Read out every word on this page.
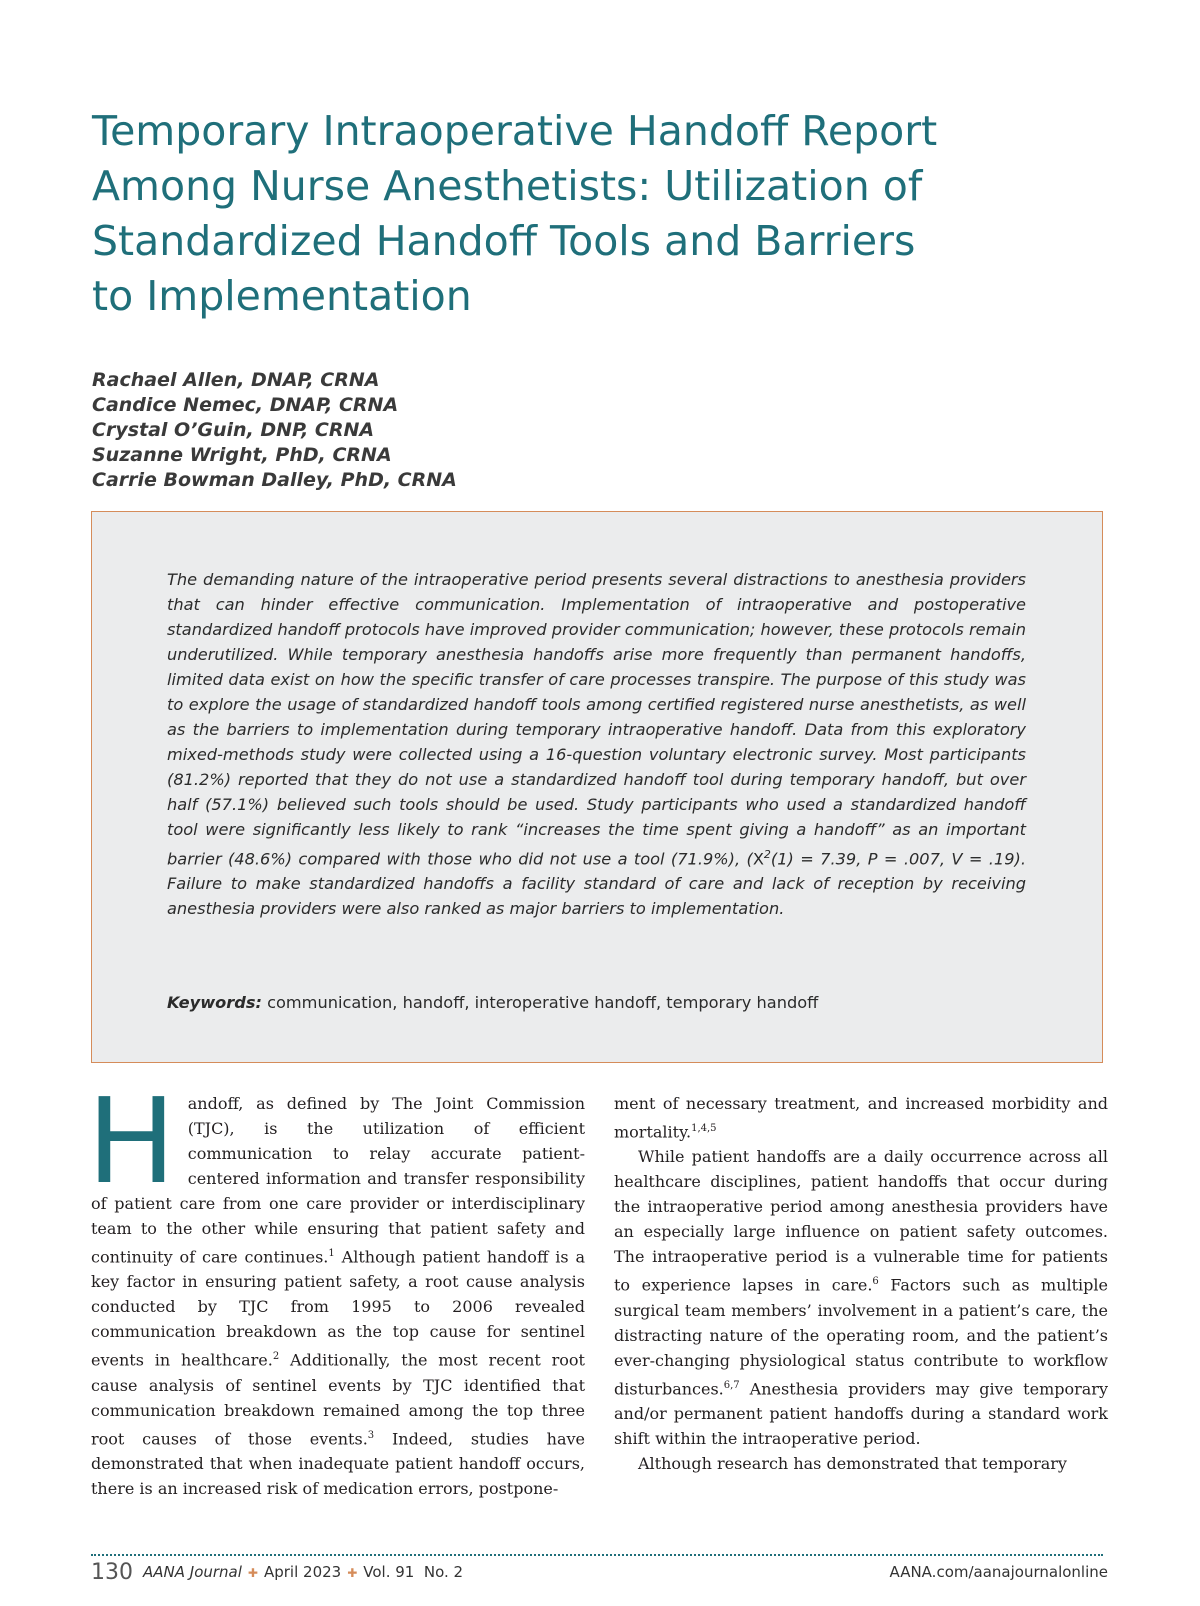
Temporary Intraoperative Handoff Report
Among Nurse Anesthetists: Utilization of
Standardized Handoff Tools and Barriers
to Implementation
Rachael Allen, DNAP, CRNA
Candice Nemec, DNAP, CRNA
Crystal O’Guin, DNP, CRNA
Suzanne Wright, PhD, CRNA
Carrie Bowman Dalley, PhD, CRNA

The demanding nature of the intraoperative period presents several distractions to anesthesia providers that can hinder effective communication. Implementation of intraoperative and postoperative standardized handoff protocols have improved provider communication; however, these protocols remain underutilized. While temporary anesthesia handoffs arise more frequently than permanent handoffs, limited data exist on how the specific transfer of care processes transpire. The purpose of this study was to explore the usage of standardized handoff tools among certified registered nurse anesthetists, as well as the barriers to implementation during temporary intraoperative handoff. Data from this exploratory mixed-methods study were collected using a 16-question voluntary electronic survey. Most participants (81.2%) reported that they do not use a standardized handoff tool during temporary handoff, but over half (57.1%) believed such tools should be used. Study participants who used a standardized handoff tool were significantly less likely to rank “increases the time spent giving a handoff” as an important barrier (48.6%) compared with those who did not use a tool (71.9%), ($X^2(1) = 7.39$, P = .007, V = .19). Failure to make standardized handoffs a facility standard of care and lack of reception by receiving anesthesia providers were also ranked as major barriers to implementation.

Keywords: communication, handoff, interoperative handoff, temporary handoff

Handoff, as defined by The Joint Commission (TJC), is the utilization of efficient communication to relay accurate patient-centered information and transfer responsibility of patient care from one care provider or interdisciplinary team to the other while ensuring that patient safety and continuity of care continues.$^1$ Although patient handoff is a key factor in ensuring patient safety, a root cause analysis conducted by TJC from 1995 to 2006 revealed communication breakdown as the top cause for sentinel events in healthcare.$^2$ Additionally, the most recent root cause analysis of sentinel events by TJC identified that communication breakdown remained among the top three root causes of those events.$^3$ Indeed, studies have demonstrated that when inadequate patient handoff occurs, there is an increased risk of medication errors, postpone-

ment of necessary treatment, and increased morbidity and mortality.$^{1,4,5}$

While patient handoffs are a daily occurrence across all healthcare disciplines, patient handoffs that occur during the intraoperative period among anesthesia providers have an especially large influence on patient safety outcomes. The intraoperative period is a vulnerable time for patients to experience lapses in care.$^6$ Factors such as multiple surgical team members’ involvement in a patient’s care, the distracting nature of the operating room, and the patient’s ever-changing physiological status contribute to workflow disturbances.$^{6,7}$ Anesthesia providers may give temporary and/or permanent patient handoffs during a standard work shift within the intraoperative period.

Although research has demonstrated that temporary

130 AANA Journal ✚ April 2023 ✚ Vol. 91  No. 2	AANA.com/aanajournalonline
